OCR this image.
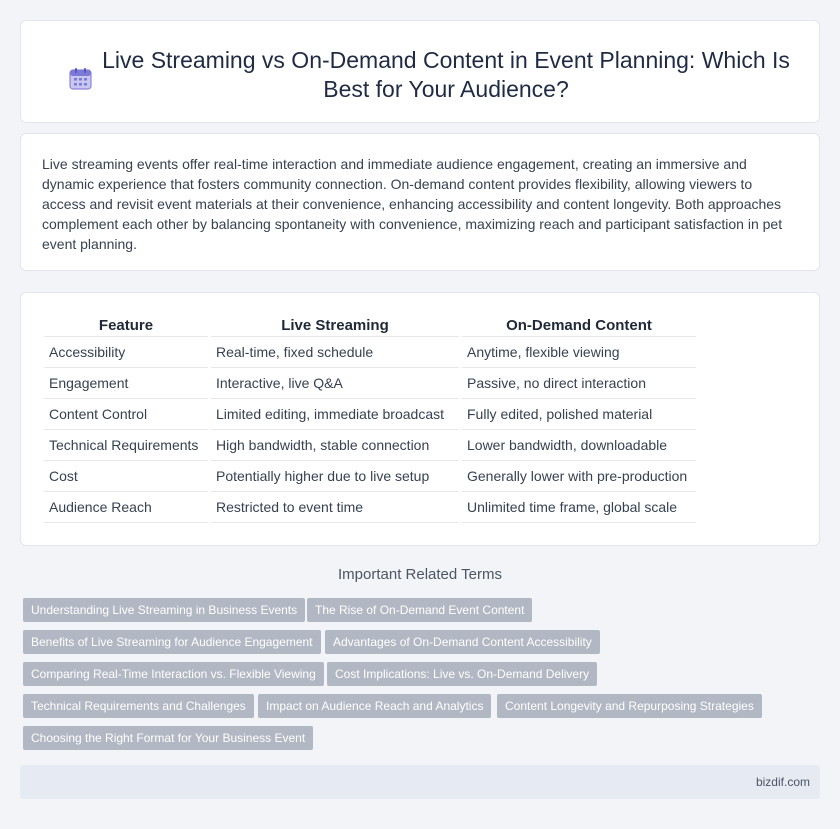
Live Streaming vs On-Demand Content in Event Planning: Which Is Best for Your Audience?

Live streaming events offer real-time interaction and immediate audience engagement, creating an immersive and dynamic experience that fosters community connection. On-demand content provides flexibility, allowing viewers to access and revisit event materials at their convenience, enhancing accessibility and content longevity. Both approaches complement each other by balancing spontaneity with convenience, maximizing reach and participant satisfaction in pet event planning.

Feature	Live Streaming	On-Demand Content
Accessibility	Real-time, fixed schedule	Anytime, flexible viewing
Engagement	Interactive, live Q&A	Passive, no direct interaction
Content Control	Limited editing, immediate broadcast	Fully edited, polished material
Technical Requirements	High bandwidth, stable connection	Lower bandwidth, downloadable
Cost	Potentially higher due to live setup	Generally lower with pre-production
Audience Reach	Restricted to event time	Unlimited time frame, global scale
Important Related Terms
Understanding Live Streaming in Business Events	The Rise of On-Demand Event Content
Benefits of Live Streaming for Audience Engagement	Advantages of On-Demand Content Accessibility
Comparing Real-Time Interaction vs. Flexible Viewing	Cost Implications: Live vs. On-Demand Delivery
Technical Requirements and Challenges	Impact on Audience Reach and Analytics	Content Longevity and Repurposing Strategies
Choosing the Right Format for Your Business Event
bizdif.com
